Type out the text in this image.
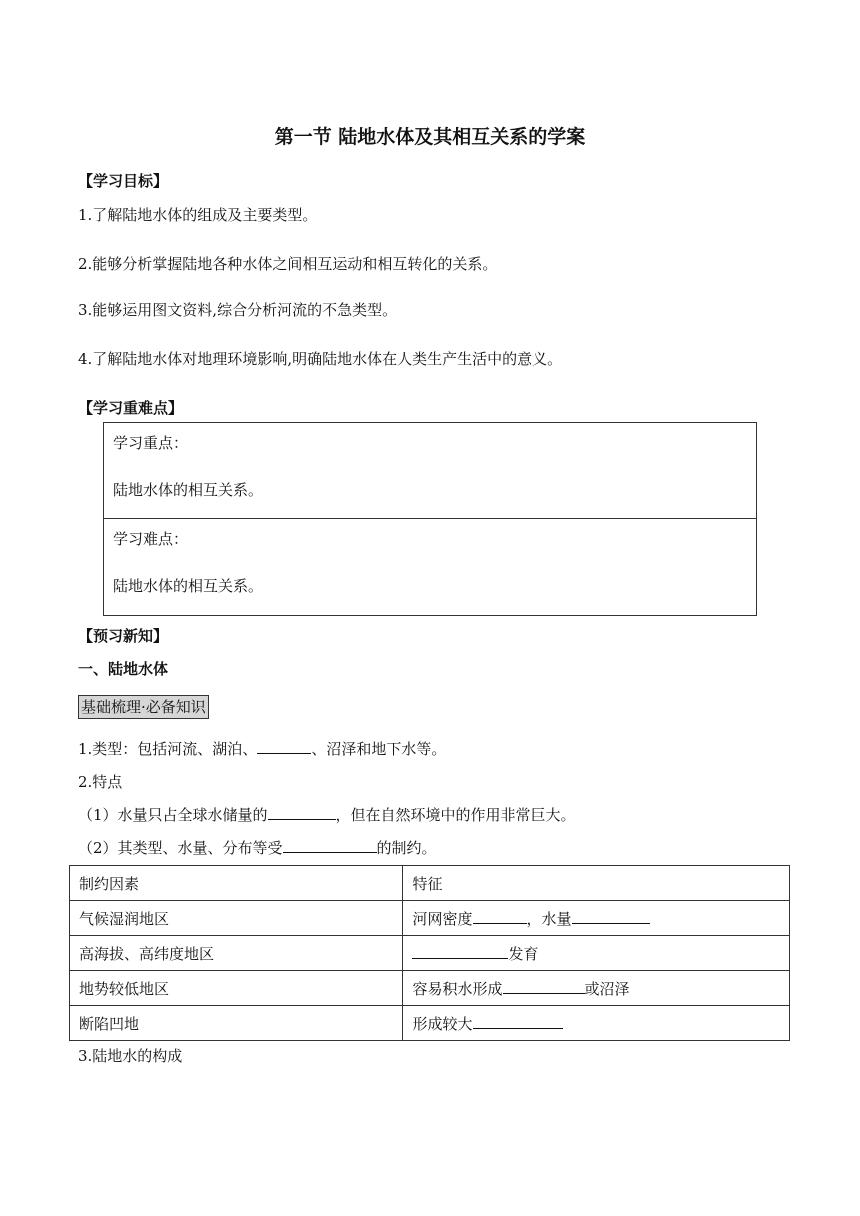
第一节 陆地水体及其相互关系的学案
【学习目标】
1.了解陆地水体的组成及主要类型。
2.能够分析掌握陆地各种水体之间相互运动和相互转化的关系。
3.能够运用图文资料,综合分析河流的不急类型。
4.了解陆地水体对地理环境影响,明确陆地水体在人类生产生活中的意义。
【学习重难点】
学习重点：
陆地水体的相互关系。
学习难点：
陆地水体的相互关系。
【预习新知】
一、陆地水体
基础梳理·必备知识
1.类型：包括河流、湖泊、	、沼泽和地下水等。
2.特点
（1）水量只占全球水储量的	，但在自然环境中的作用非常巨大。
（2）其类型、水量、分布等受	的制约。
制约因素	特征
气候湿润地区	河网密度 ，水量
高海拔、高纬度地区	发育
地势较低地区	容易积水形成 或沼泽
断陷凹地	形成较大
3.陆地水的构成
